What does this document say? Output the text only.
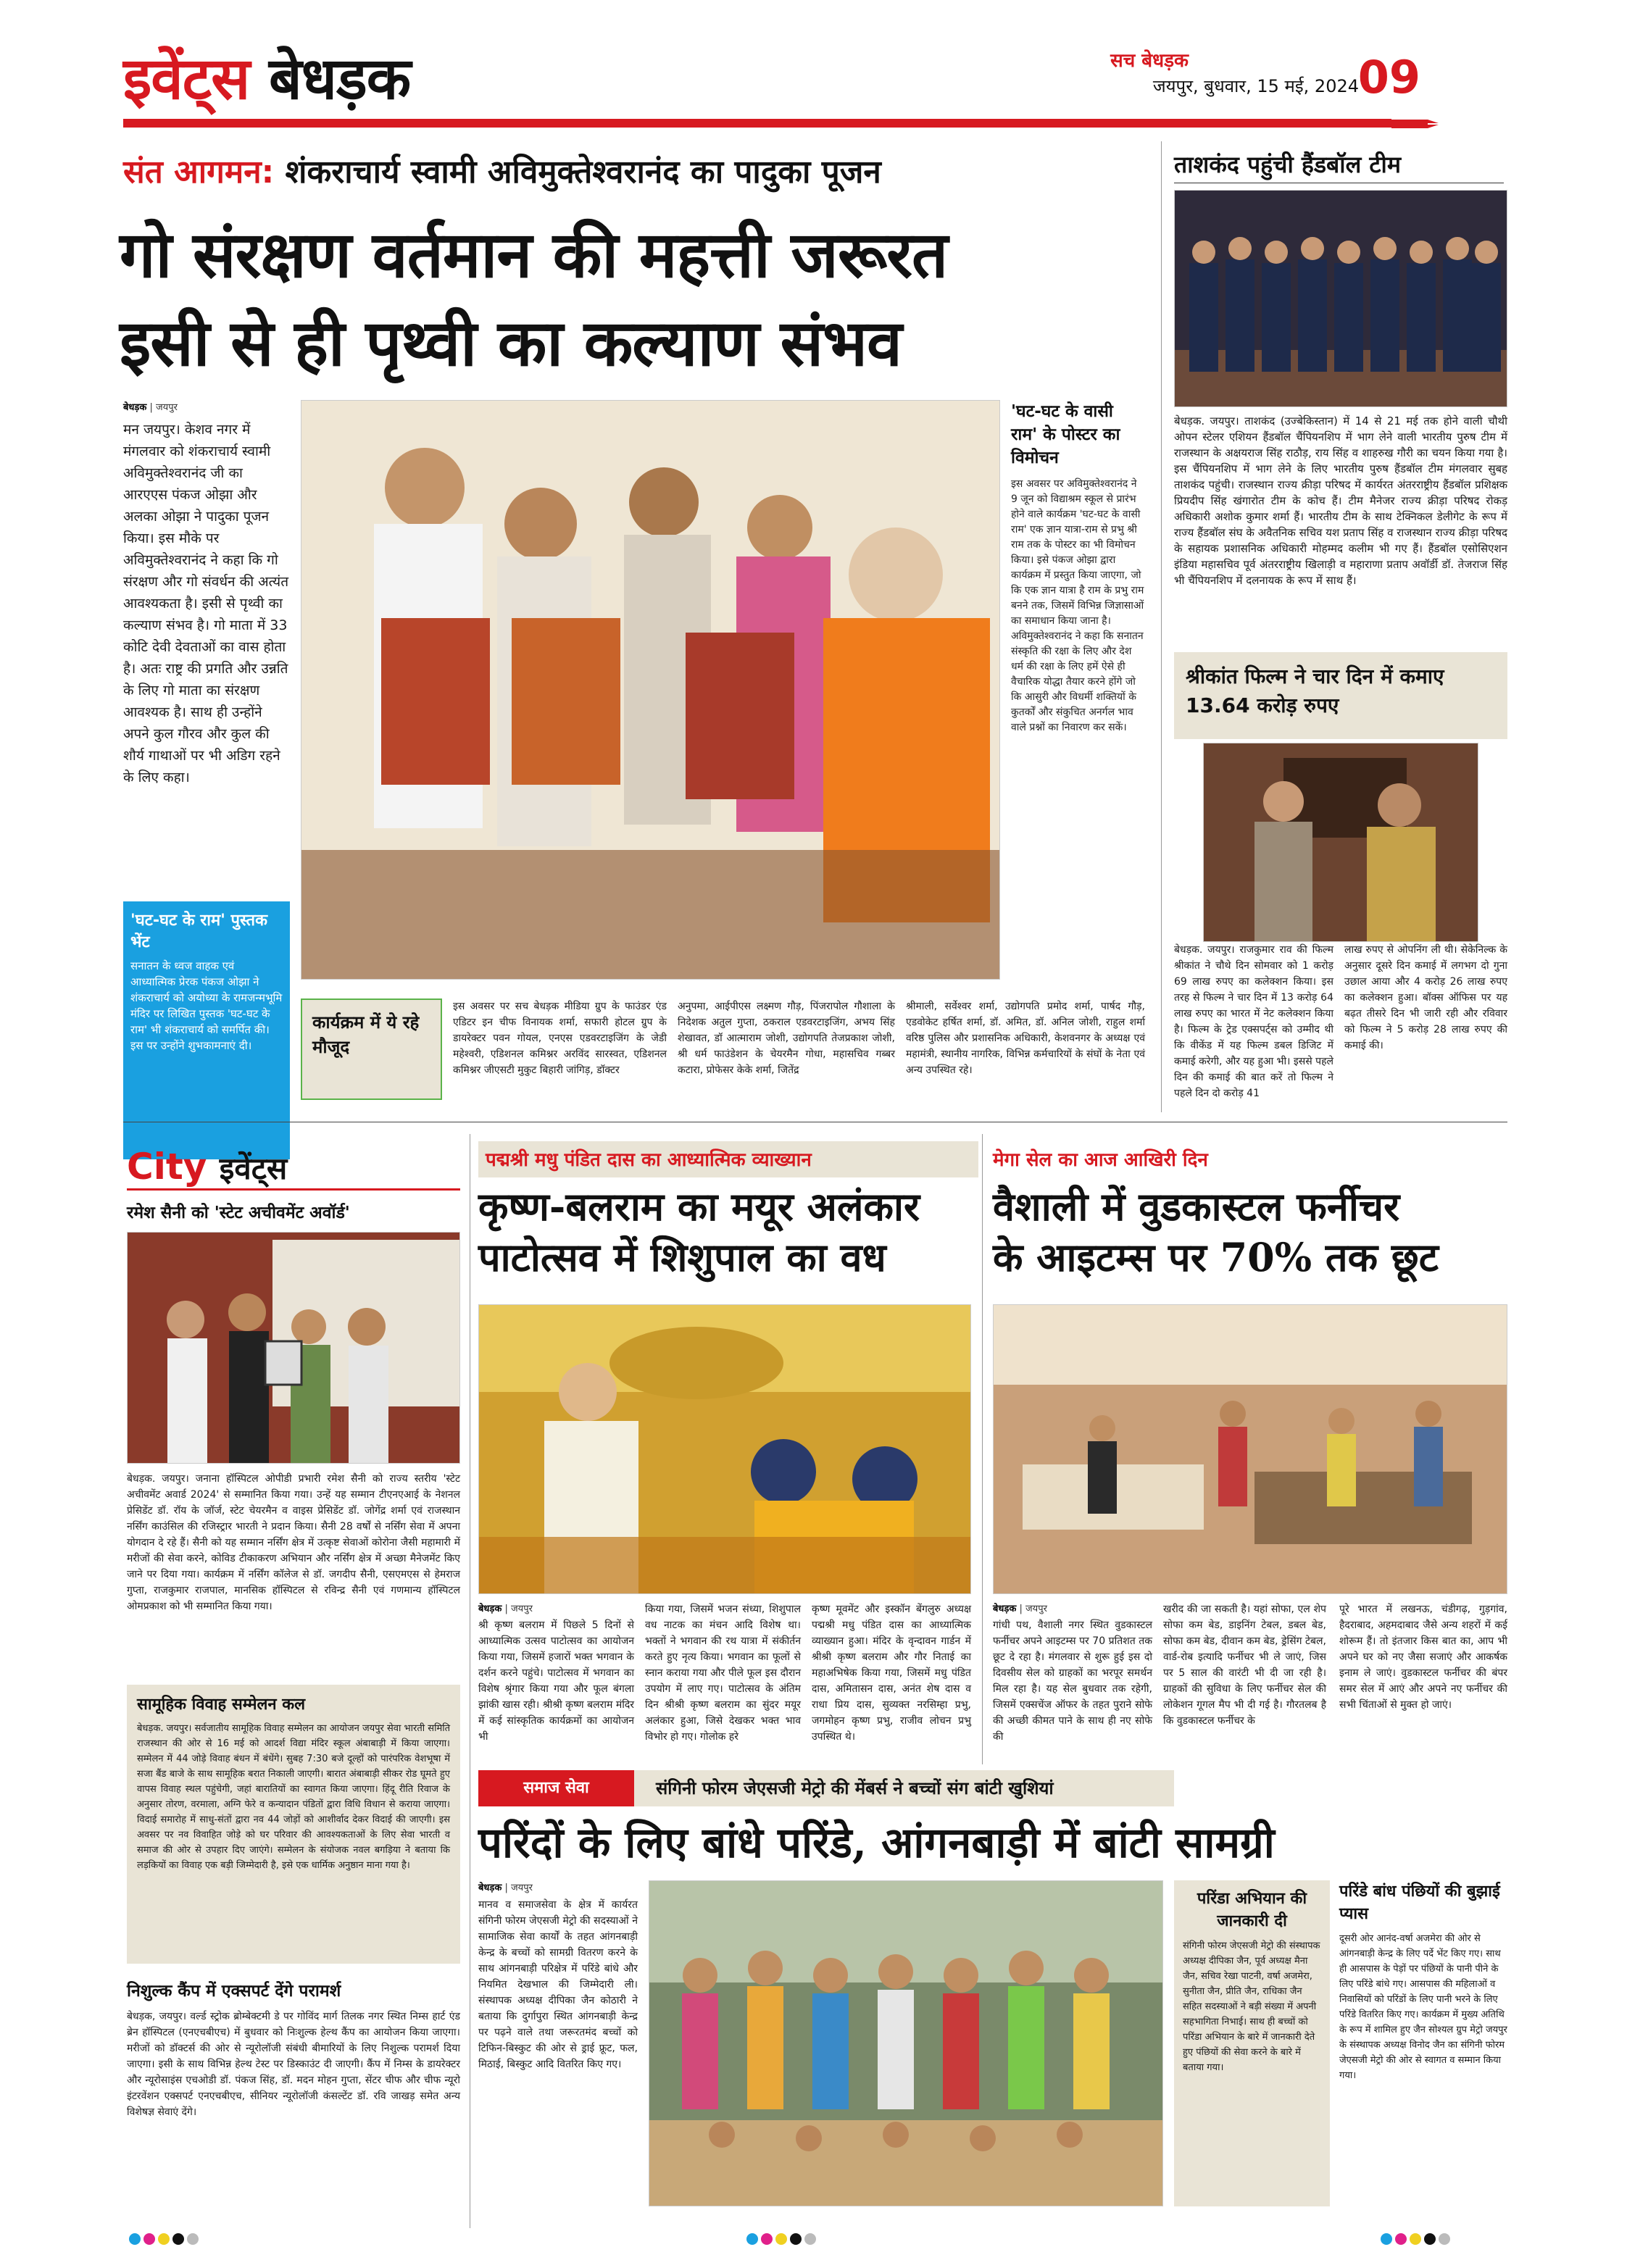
इवेंट्स बेधड़क	सच बेधड़क
जयपुर, बुधवार, 15 मई, 2024
09
संत आगमन: शंकराचार्य स्वामी अविमुक्तेश्वरानंद का पादुका पूजन
गो संरक्षण वर्तमान की महत्ती जरूरत
इसी से ही पृथ्वी का कल्याण संभव
बेधड़क | जयपुर
मन जयपुर। केशव नगर में मंगलवार को शंकराचार्य स्वामी अविमुक्तेश्वरानंद जी का आरएएस पंकज ओझा और अलका ओझा ने पादुका पूजन किया। इस मौके पर अविमुक्तेश्वरानंद ने कहा कि गो संरक्षण और गो संवर्धन की अत्यंत आवश्यकता है। इसी से पृथ्वी का कल्याण संभव है। गो माता में 33 कोटि देवी देवताओं का वास होता है। अतः राष्ट्र की प्रगति और उन्नति के लिए गो माता का संरक्षण आवश्यक है। साथ ही उन्होंने अपने कुल गौरव और कुल की शौर्य गाथाओं पर भी अडिग रहने के लिए कहा।
'घट-घट के राम' पुस्तक भेंट
सनातन के ध्वज वाहक एवं आध्यात्मिक प्रेरक पंकज ओझा ने शंकराचार्य को अयोध्या के रामजन्मभूमि मंदिर पर लिखित पुस्तक 'घट-घट के राम' भी शंकराचार्य को समर्पित की। इस पर उन्होंने शुभकामनाएं दी।
'घट-घट के वासी राम' के पोस्टर का विमोचन
इस अवसर पर अविमुक्तेश्वरानंद ने 9 जून को विद्याश्रम स्कूल से प्रारंभ होने वाले कार्यक्रम 'घट-घट के वासी राम' एक ज्ञान यात्रा-राम से प्रभु श्री राम तक के पोस्टर का भी विमोचन किया। इसे पंकज ओझा द्वारा कार्यक्रम में प्रस्तुत किया जाएगा, जो कि एक ज्ञान यात्रा है राम के प्रभु राम बनने तक, जिसमें विभिन्न जिज्ञासाओं का समाधान किया जाना है। अविमुक्तेश्वरानंद ने कहा कि सनातन संस्कृति की रक्षा के लिए और देश धर्म की रक्षा के लिए हमें ऐसे ही वैचारिक योद्धा तैयार करने होंगे जो कि आसुरी और विधर्मी शक्तियों के कुतर्कों और संकुचित अनर्गल भाव वाले प्रश्नों का निवारण कर सकें।
कार्यक्रम में ये रहे मौजूद
इस अवसर पर सच बेधड़क मीडिया ग्रुप के फाउंडर एंड एडिटर इन चीफ विनायक शर्मा, सफारी होटल ग्रुप के डायरेक्टर पवन गोयल, एनएस एडवरटाइजिंग के जेडी महेश्वरी, एडिशनल कमिश्नर अरविंद सारस्वत, एडिशनल कमिश्नर जीएसटी मुकुट बिहारी जांगिड़, डॉक्टर
अनुपमा, आईपीएस लक्ष्मण गौड़, पिंजरापोल गौशाला के निदेशक अतुल गुप्ता, ठकराल एडवरटाइजिंग, अभय सिंह शेखावत, डॉ आत्माराम जोशी, उद्योगपति तेजप्रकाश जोशी, श्री धर्म फाउंडेशन के चेयरमैन गोधा, महासचिव गब्बर कटारा, प्रोफेसर केके शर्मा, जितेंद्र
श्रीमाली, सर्वेश्वर शर्मा, उद्योगपति प्रमोद शर्मा, पार्षद गौड़, एडवोकेट हर्षित शर्मा, डॉ. अमित, डॉ. अनिल जोशी, राहुल शर्मा वरिष्ठ पुलिस और प्रशासनिक अधिकारी, केशवनगर के अध्यक्ष एवं महामंत्री, स्थानीय नागरिक, विभिन्न कर्मचारियों के संघों के नेता एवं अन्य उपस्थित रहे।
ताशकंद पहुंची हैंडबॉल टीम
बेधड़क. जयपुर। ताशकंद (उज्बेकिस्तान) में 14 से 21 मई तक होने वाली चौथी ओपन स्टेलर एशियन हैंडबॉल चैंपियनशिप में भाग लेने वाली भारतीय पुरुष टीम में राजस्थान के अक्षयराज सिंह राठौड़, राय सिंह व शाहरुख गौरी का चयन किया गया है। इस चैंपियनशिप में भाग लेने के लिए भारतीय पुरुष हैंडबॉल टीम मंगलवार सुबह ताशकंद पहुंची। राजस्थान राज्य क्रीड़ा परिषद में कार्यरत अंतरराष्ट्रीय हैंडबॉल प्रशिक्षक प्रियदीप सिंह खंगारोत टीम के कोच हैं। टीम मैनेजर राज्य क्रीड़ा परिषद रोकड़ अधिकारी अशोक कुमार शर्मा हैं। भारतीय टीम के साथ टेक्निकल डेलीगेट के रूप में राज्य हैंडबॉल संघ के अवैतनिक सचिव यश प्रताप सिंह व राजस्थान राज्य क्रीड़ा परिषद के सहायक प्रशासनिक अधिकारी मोहम्मद कलीम भी गए हैं। हैंडबॉल एसोसिएशन इंडिया महासचिव पूर्व अंतरराष्ट्रीय खिलाड़ी व महाराणा प्रताप अवॉर्डी डॉ. तेजराज सिंह भी चैंपियनशिप में दलनायक के रूप में साथ हैं।
श्रीकांत फिल्म ने चार दिन में कमाए 13.64 करोड़ रुपए
बेधड़क. जयपुर। राजकुमार राव की फिल्म श्रीकांत ने चौथे दिन सोमवार को 1 करोड़ 69 लाख रुपए का कलेक्शन किया। इस तरह से फिल्म ने चार दिन में 13 करोड़ 64 लाख रुपए का भारत में नेट कलेक्शन किया है। फिल्म के ट्रेड एक्सपर्ट्स को उम्मीद थी कि वीकेंड में यह फिल्म डबल डिजिट में कमाई करेगी, और यह हुआ भी। इससे पहले दिन की कमाई की बात करें तो फिल्म ने पहले दिन दो करोड़ 41
लाख रुपए से ओपनिंग ली थी। सेकेनिल्क के अनुसार दूसरे दिन कमाई में लगभग दो गुना उछाल आया और 4 करोड़ 26 लाख रुपए का कलेक्शन हुआ। बॉक्स ऑफिस पर यह बढ़त तीसरे दिन भी जारी रही और रविवार को फिल्म ने 5 करोड़ 28 लाख रुपए की कमाई की।
City इवेंट्स
रमेश सैनी को 'स्टेट अचीवमेंट अवॉर्ड'
बेधड़क. जयपुर। जनाना हॉस्पिटल ओपीडी प्रभारी रमेश सैनी को राज्य स्तरीय 'स्टेट अचीवमेंट अवार्ड 2024' से सम्मानित किया गया। उन्हें यह सम्मान टीएनएआई के नेशनल प्रेसिडेंट डॉ. रॉय के जॉर्ज, स्टेट चेयरमैन व वाइस प्रेसिडेंट डॉ. जोगेंद्र शर्मा एवं राजस्थान नर्सिंग काउंसिल की रजिस्ट्रार भारती ने प्रदान किया। सैनी 28 वर्षों से नर्सिंग सेवा में अपना योगदान दे रहे हैं। सैनी को यह सम्मान नर्सिंग क्षेत्र में उत्कृष्ट सेवाओं कोरोना जैसी महामारी में मरीजों की सेवा करने, कोविड टीकाकरण अभियान और नर्सिंग क्षेत्र में अच्छा मैनेजमेंट किए जाने पर दिया गया। कार्यक्रम में नर्सिंग कॉलेज से डॉ. जगदीप सैनी, एसएमएस से हेमराज गुप्ता, राजकुमार राजपाल, मानसिक हॉस्पिटल से रविन्द्र सैनी एवं गणमान्य हॉस्पिटल ओमप्रकाश को भी सम्मानित किया गया।
सामूहिक विवाह सम्मेलन कल
बेधड़क. जयपुर। सर्वजातीय सामूहिक विवाह सम्मेलन का आयोजन जयपुर सेवा भारती समिति राजस्थान की ओर से 16 मई को आदर्श विद्या मंदिर स्कूल अंबाबाड़ी में किया जाएगा। सम्मेलन में 44 जोड़े विवाह बंधन में बंधेंगे। सुबह 7:30 बजे दूल्हों को पारंपरिक वेशभूषा में सजा बैंड बाजे के साथ सामूहिक बरात निकाली जाएगी। बारात अंबाबाड़ी सीकर रोड घूमते हुए वापस विवाह स्थल पहुंचेगी, जहां बारातियों का स्वागत किया जाएगा। हिंदू रीति रिवाज के अनुसार तोरण, वरमाला, अग्नि फेरे व कन्यादान पंडितों द्वारा विधि विधान से कराया जाएगा। विदाई समारोह में साधु-संतों द्वारा नव 44 जोड़ों को आशीर्वाद देकर विदाई की जाएगी। इस अवसर पर नव विवाहित जोड़े को घर परिवार की आवश्यकताओं के लिए सेवा भारती व समाज की ओर से उपहार दिए जाएंगे। सम्मेलन के संयोजक नवल बगड़िया ने बताया कि लड़कियों का विवाह एक बड़ी जिम्मेदारी है, इसे एक धार्मिक अनुष्ठान माना गया है।
निशुल्क कैंप में एक्सपर्ट देंगे परामर्श
बेधड़क, जयपुर। वर्ल्ड स्ट्रोक ब्रोम्बेक्टमी डे पर गोविंद मार्ग तिलक नगर स्थित निम्स हार्ट एंड ब्रेन हॉस्पिटल (एनएचबीएच) में बुधवार को निःशुल्क हेल्थ कैंप का आयोजन किया जाएगा। मरीजों को डॉक्टर्स की ओर से न्यूरोलॉजी संबंधी बीमारियों के लिए निशुल्क परामर्श दिया जाएगा। इसी के साथ विभिन्न हेल्थ टेस्ट पर डिस्काउंट दी जाएगी। कैंप में निम्स के डायरेक्टर और न्यूरोसाइंस एचओडी डॉ. पंकज सिंह, डॉ. मदन मोहन गुप्ता, सेंटर चीफ और चीफ न्यूरो इंटरवेंशन एक्सपर्ट एनएचबीएच, सीनियर न्यूरोलॉजी कंसल्टेंट डॉ. रवि जाखड़ समेत अन्य विशेषज्ञ सेवाएं देंगे।
पद्मश्री मधु पंडित दास का आध्यात्मिक व्याख्यान
कृष्ण-बलराम का मयूर अलंकार
पाटोत्सव में शिशुपाल का वध
बेधड़क | जयपुर
श्री कृष्ण बलराम में पिछले 5 दिनों से आध्यात्मिक उत्सव पाटोत्सव का आयोजन किया गया, जिसमें हजारों भक्त भगवान के दर्शन करने पहुंचे। पाटोत्सव में भगवान का विशेष श्रृंगार किया गया और फूल बंगला झांकी खास रही। श्रीश्री कृष्ण बलराम मंदिर में कई सांस्कृतिक कार्यक्रमों का आयोजन भी
किया गया, जिसमें भजन संध्या, शिशुपाल वध नाटक का मंचन आदि विशेष था। भक्तों ने भगवान की रथ यात्रा में संकीर्तन करते हुए नृत्य किया। भगवान का फूलों से स्नान कराया गया और पीले फूल इस दौरान उपयोग में लाए गए। पाटोत्सव के अंतिम दिन श्रीश्री कृष्ण बलराम का सुंदर मयूर अलंकार हुआ, जिसे देखकर भक्त भाव विभोर हो गए। गोलोक हरे
कृष्ण मूवमेंट और इस्कॉन बेंगलुरु अध्यक्ष पद्मश्री मधु पंडित दास का आध्यात्मिक व्याख्यान हुआ। मंदिर के वृन्दावन गार्डन में श्रीश्री कृष्ण बलराम और गौर निताई का महाअभिषेक किया गया, जिसमें मधु पंडित दास, अमितासन दास, अनंत शेष दास व राधा प्रिय दास, सुव्यक्त नरसिम्हा प्रभु, जगमोहन कृष्ण प्रभु, राजीव लोचन प्रभु उपस्थित थे।
मेगा सेल का आज आखिरी दिन
वैशाली में वुडकास्टल फर्नीचर
के आइटम्स पर 70% तक छूट
बेधड़क | जयपुर
गांधी पथ, वैशाली नगर स्थित वुडकास्टल फर्नीचर अपने आइटम्स पर 70 प्रतिशत तक छूट दे रहा है। मंगलवार से शुरू हुई इस दो दिवसीय सेल को ग्राहकों का भरपूर समर्थन मिल रहा है। यह सेल बुधवार तक रहेगी, जिसमें एक्सचेंज ऑफर के तहत पुराने सोफे की अच्छी कीमत पाने के साथ ही नए सोफे की
खरीद की जा सकती है। यहां सोफा, एल शेप सोफा कम बेड, डाइनिंग टेबल, डबल बेड, सोफा कम बेड, दीवान कम बेड, ड्रेसिंग टेबल, वार्ड-रोब इत्यादि फर्नीचर भी ले जाएं, जिस पर 5 साल की वारंटी भी दी जा रही है। ग्राहकों की सुविधा के लिए फर्नीचर सेल की लोकेशन गूगल मैप भी दी गई है। गौरतलब है कि वुडकास्टल फर्नीचर के
पूरे भारत में लखनऊ, चंडीगढ़, गुड़गांव, हैदराबाद, अहमदाबाद जैसे अन्य शहरों में कई शोरूम हैं। तो इंतजार किस बात का, आप भी अपने घर को नए जैसा सजाएं और आकर्षक इनाम ले जाएं। वुडकास्टल फर्नीचर की बंपर समर सेल में आएं और अपने नए फर्नीचर की सभी चिंताओं से मुक्त हो जाएं।
समाज सेवा	संगिनी फोरम जेएसजी मेट्रो की मेंबर्स ने बच्चों संग बांटी खुशियां
परिंदों के लिए बांधे परिंडे, आंगनबाड़ी में बांटी सामग्री
बेधड़क | जयपुर
मानव व समाजसेवा के क्षेत्र में कार्यरत संगिनी फोरम जेएसजी मेट्रो की सदस्याओं ने सामाजिक सेवा कार्यों के तहत आंगनबाड़ी केन्द्र के बच्चों को सामग्री वितरण करने के साथ आंगनबाड़ी परिक्षेत्र में परिंडे बांधे और नियमित देखभाल की जिम्मेदारी ली। संस्थापक अध्यक्ष दीपिका जैन कोठारी ने बताया कि दुर्गापुरा स्थित आंगनबाड़ी केन्द्र पर पढ़ने वाले तथा जरूरतमंद बच्चों को टिफिन-बिस्कुट की ओर से ड्राई फ्रूट, फल, मिठाई, बिस्कुट आदि वितरित किए गए।
परिंडा अभियान की जानकारी दी
संगिनी फोरम जेएसजी मेट्रो की संस्थापक अध्यक्ष दीपिका जैन, पूर्व अध्यक्ष मैना जैन, सचिव रेखा पाटनी, वर्षा अजमेरा, सुनीता जैन, प्रीति जैन, राधिका जैन सहित सदस्याओं ने बड़ी संख्या में अपनी सहभागिता निभाई। साथ ही बच्चों को परिंडा अभियान के बारे में जानकारी देते हुए पंछियों की सेवा करने के बारे में बताया गया।
परिंडे बांध पंछियों की बुझाई प्यास
दूसरी ओर आनंद-वर्षा अजमेरा की ओर से आंगनबाड़ी केन्द्र के लिए पर्दे भेंट किए गए। साथ ही आसपास के पेड़ों पर पंछियों के पानी पीने के लिए परिंडे बांधे गए। आसपास की महिलाओं व निवासियों को परिंडों के लिए पानी भरने के लिए परिंडे वितरित किए गए। कार्यक्रम में मुख्य अतिथि के रूप में शामिल हुए जैन सोश्यल ग्रुप मेट्रो जयपुर के संस्थापक अध्यक्ष विनोद जैन का संगिनी फोरम जेएसजी मेट्रो की ओर से स्वागत व सम्मान किया गया।
